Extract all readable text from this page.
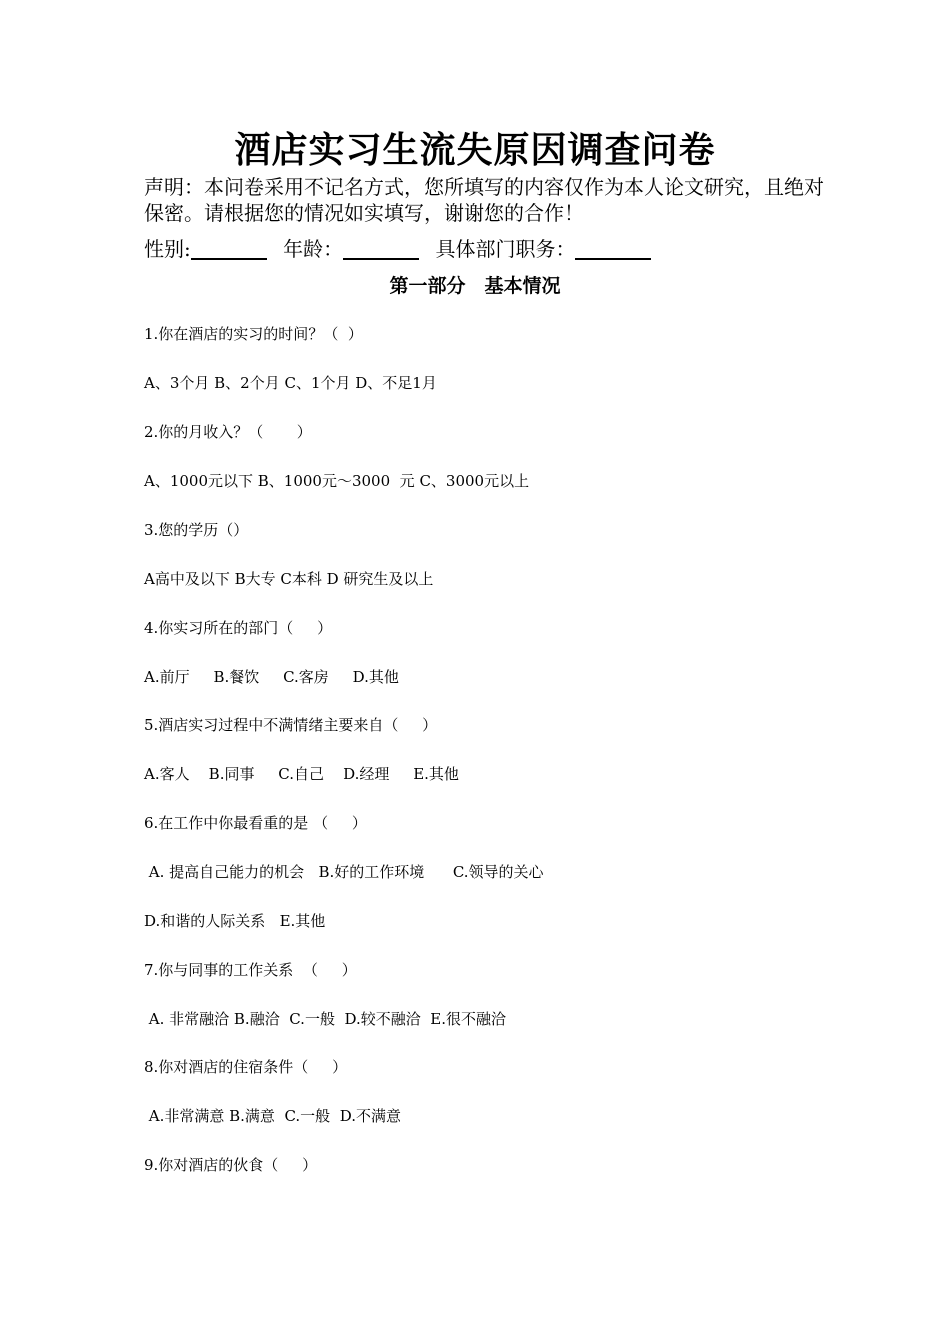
酒店实习生流失原因调查问卷
声明：本问卷采用不记名方式，您所填写的内容仅作为本人论文研究，且绝对保密。请根据您的情况如实填写，谢谢您的合作！
性别:	年龄：	具体部门职务：
第一部分　基本情况
1.你在酒店的实习的时间？（  ）
A、3个月 B、2个月 C、1个月 D、不足1月
2.你的月收入？（       ）
A、1000元以下 B、1000元～3000  元 C、3000元以上
3.您的学历（）
A高中及以下 B大专 C本科 D 研究生及以上
4.你实习所在的部门（     ）
A.前厅     B.餐饮     C.客房     D.其他
5.酒店实习过程中不满情绪主要来自（     ）
A.客人    B.同事     C.自己    D.经理     E.其他
6.在工作中你最看重的是 （     ）
A. 提高自己能力的机会   B.好的工作环境      C.领导的关心
D.和谐的人际关系   E.其他
7.你与同事的工作关系  （     ）
A. 非常融洽 B.融洽  C.一般  D.较不融洽  E.很不融洽
8.你对酒店的住宿条件（     ）
A.非常满意 B.满意  C.一般  D.不满意
9.你对酒店的伙食（     ）
